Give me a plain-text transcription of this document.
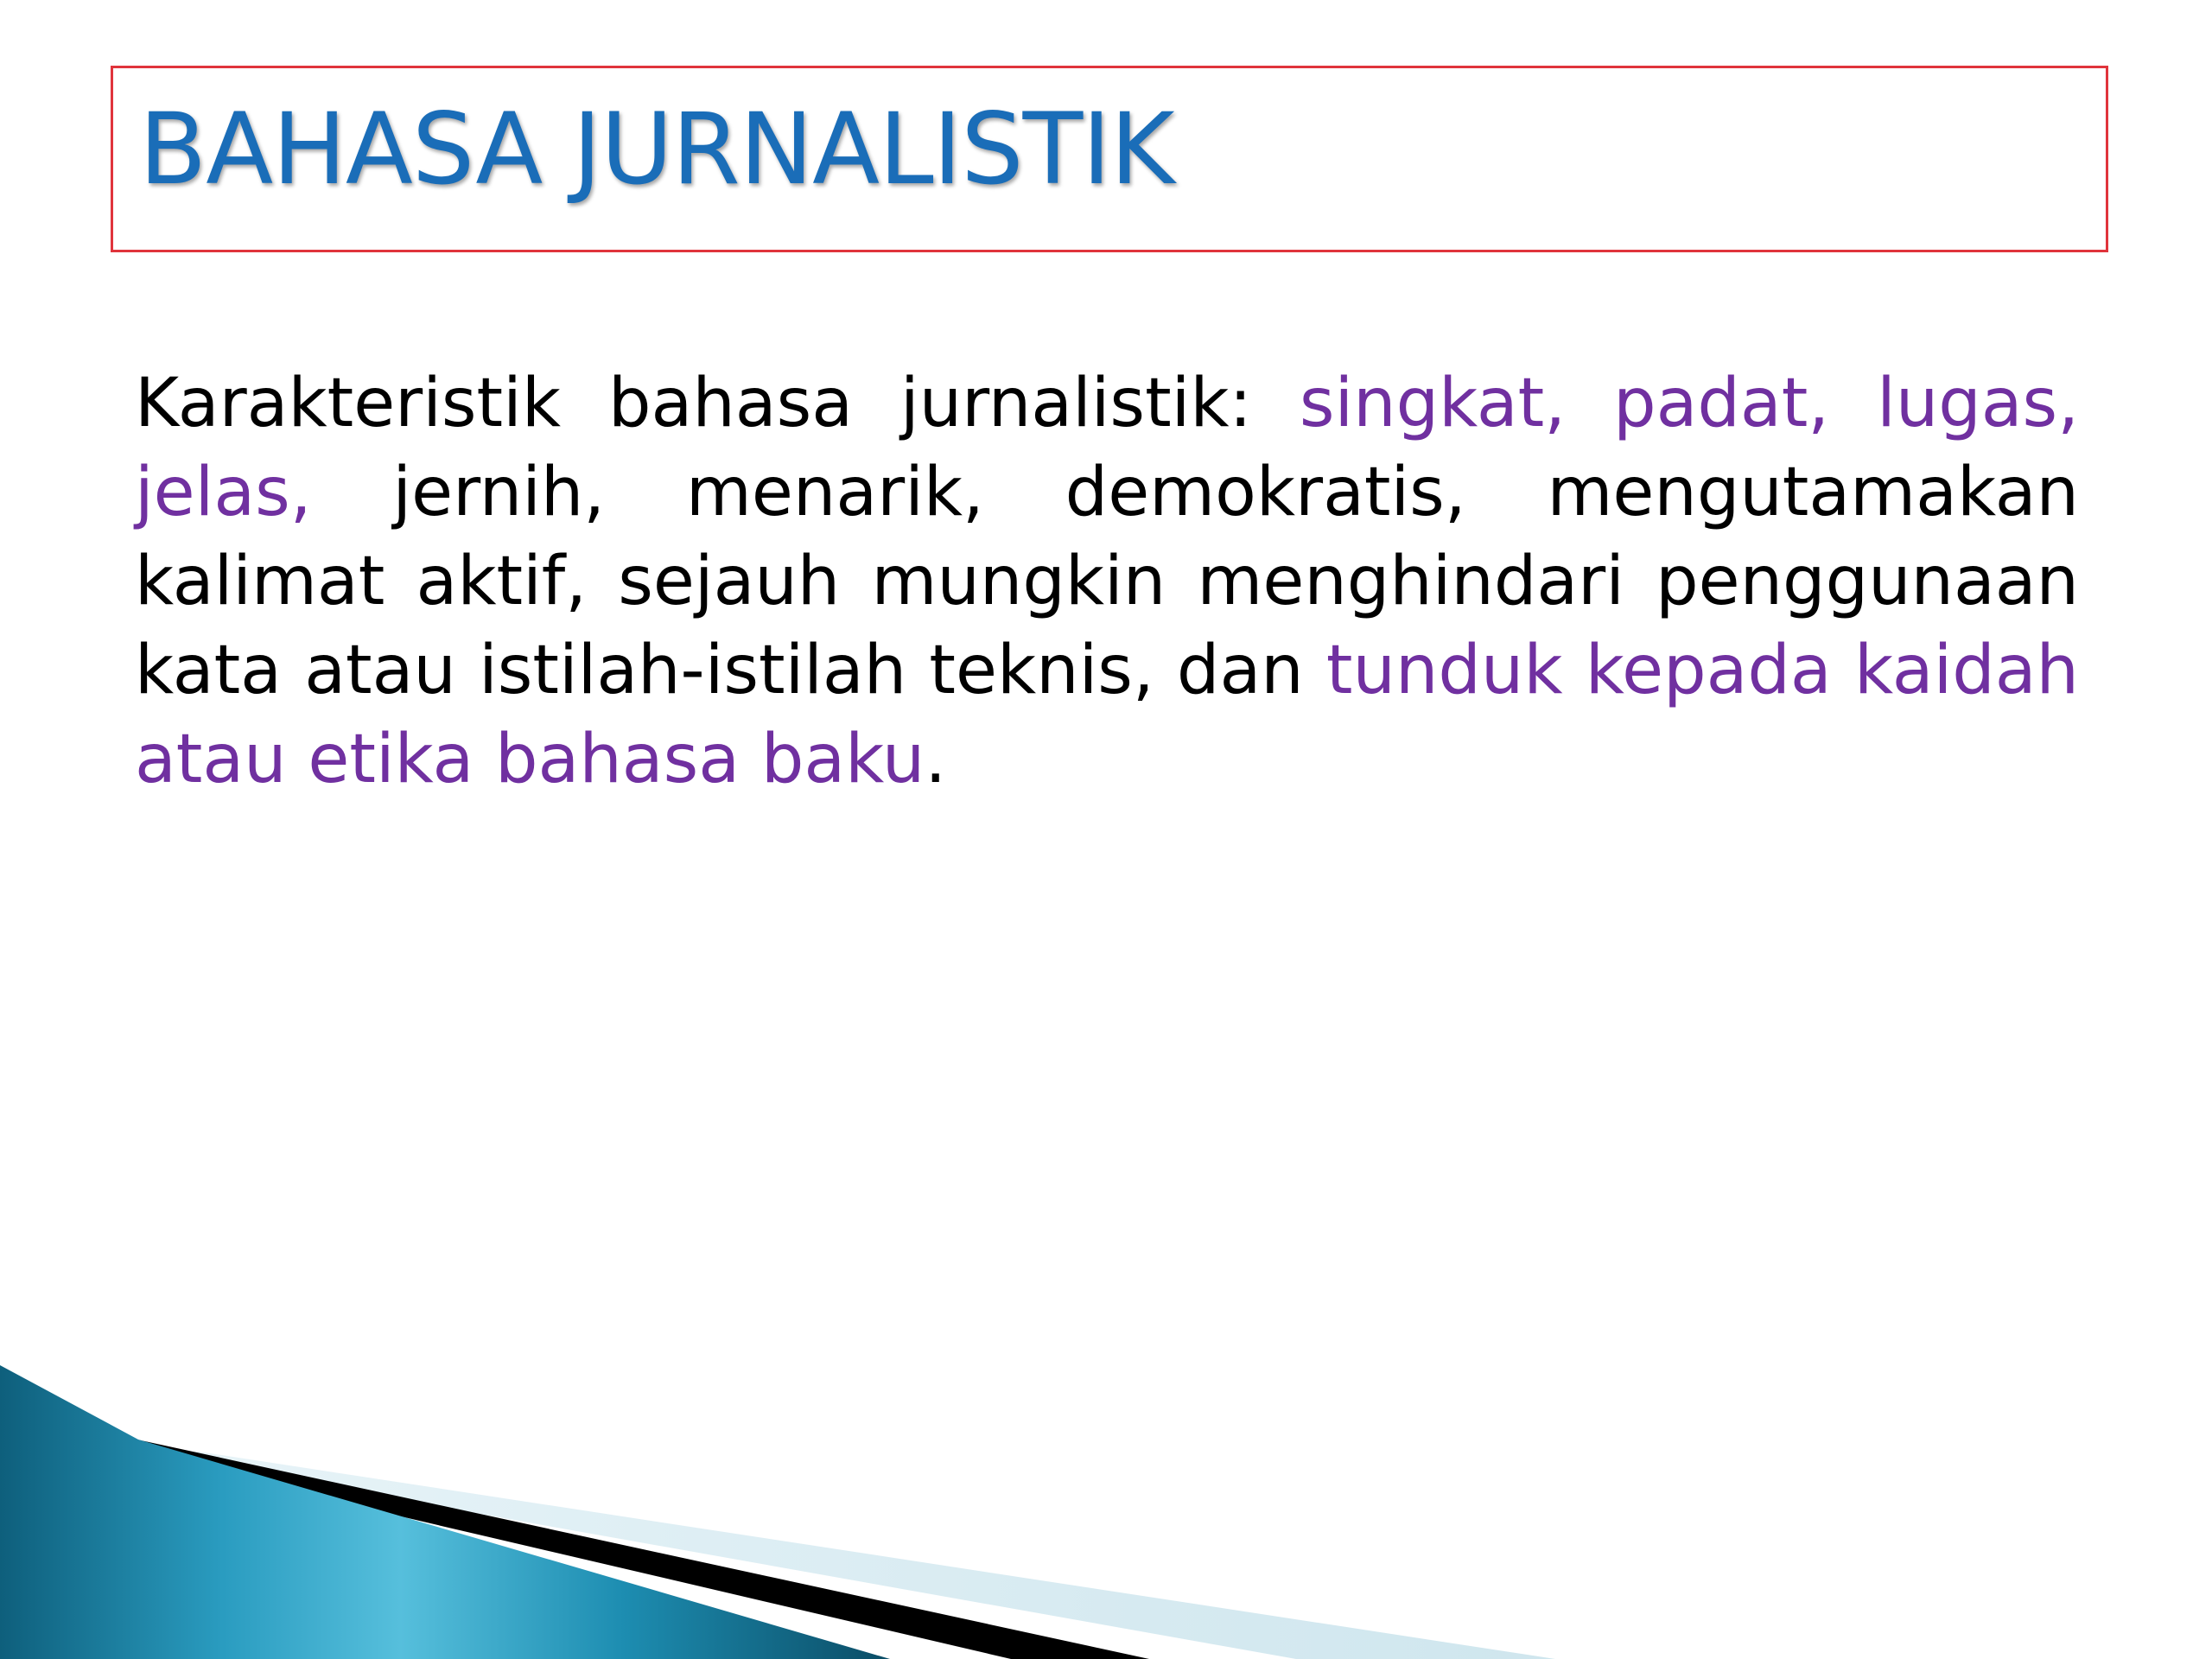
BAHASA JURNALISTIK

Karakteristik bahasa jurnalistik: singkat, padat, lugas, jelas, jernih, menarik, demokratis, mengutamakan kalimat aktif, sejauh mungkin menghindari penggunaan kata atau istilah-istilah teknis, dan tunduk kepada kaidah atau etika bahasa baku.
